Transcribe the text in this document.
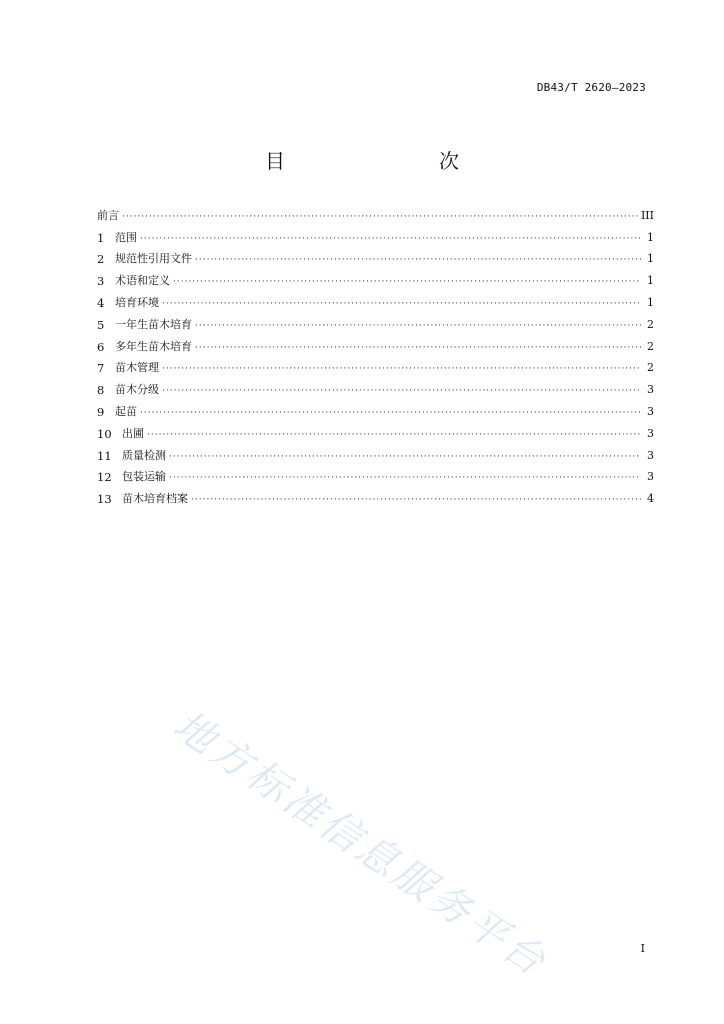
DB43/T 2620—2023
目　　次
前言 ·····	III
1 范围 ·····	1
2 规范性引用文件 ·····	1
3 术语和定义 ·····	1
4 培育环境 ·····	1
5 一年生苗木培育 ·····	2
6 多年生苗木培育 ·····	2
7 苗木管理 ·····	2
8 苗木分级 ·····	3
9 起苗 ·····	3
10 出圃 ·····	3
11 质量检测 ·····	3
12 包装运输 ·····	3
13 苗木培育档案 ·····	4
地方标准信息服务平台	I
